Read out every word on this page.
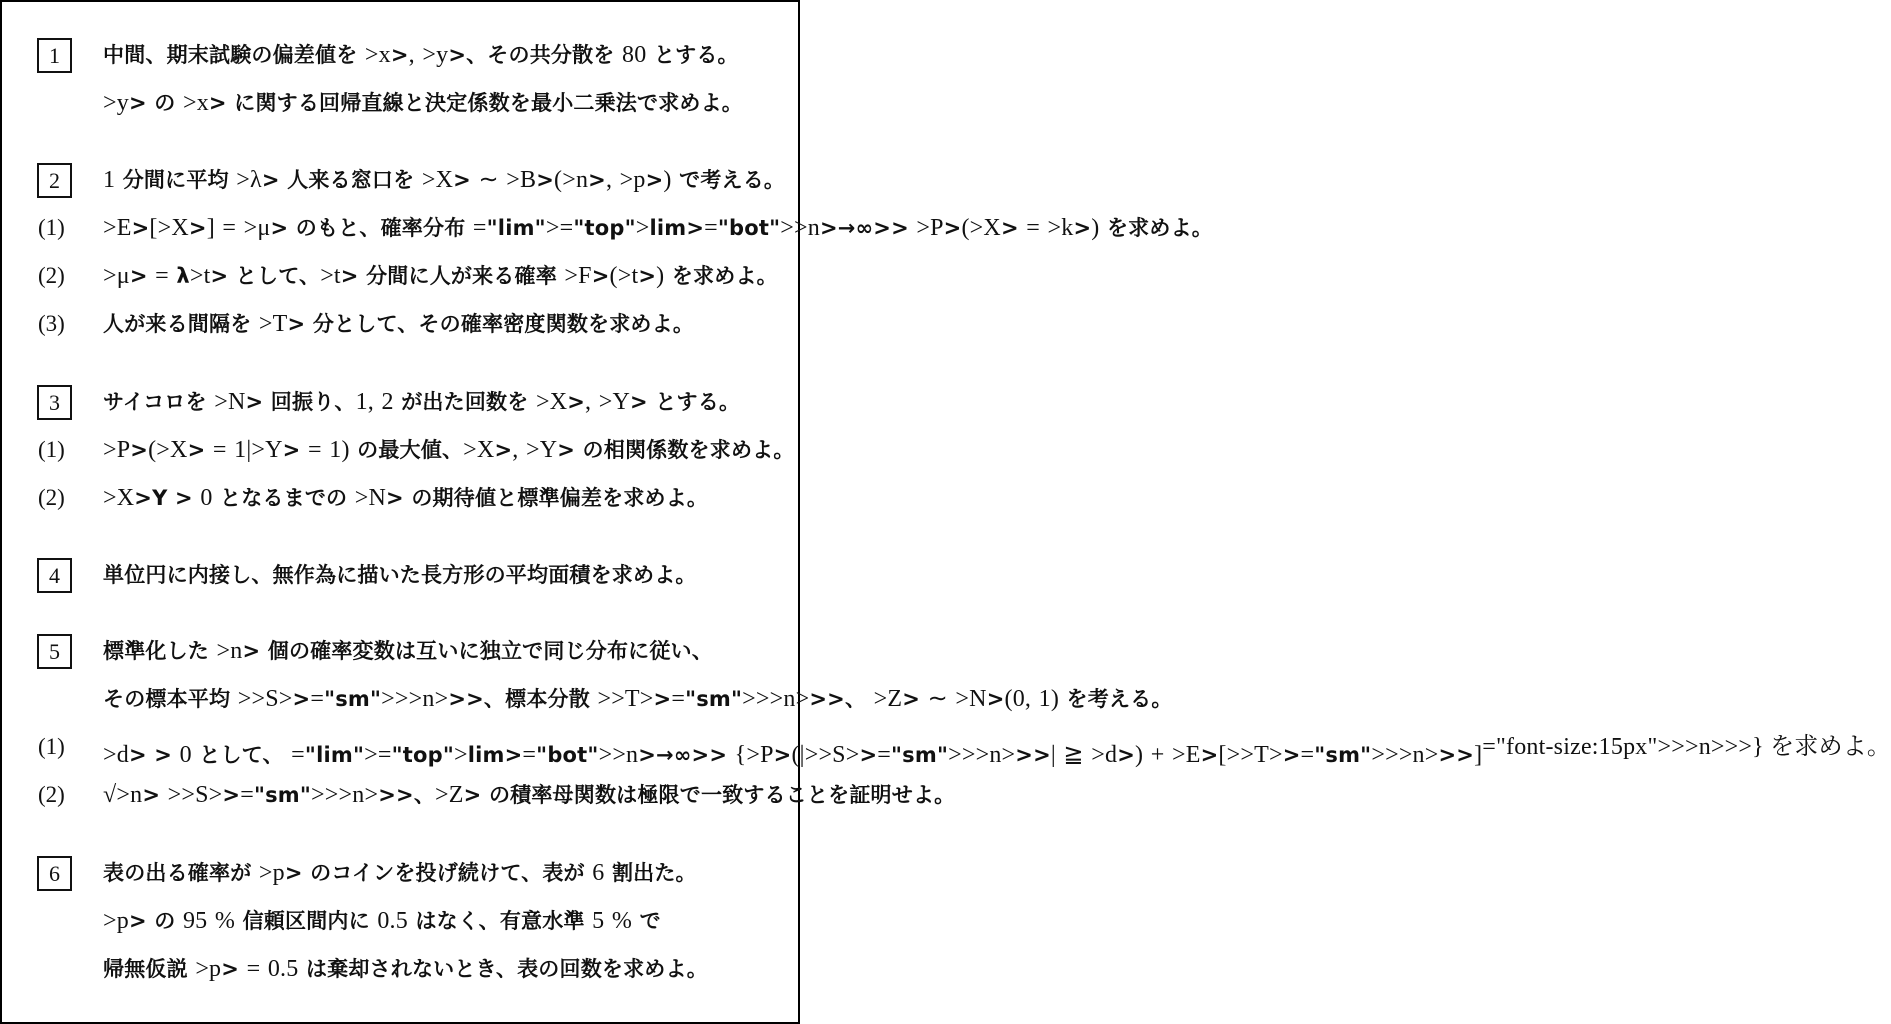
1	中間、期末試験の偏差値を >x>, >y>、その共分散を 80 とする。
>y> の >x> に関する回帰直線と決定係数を最小二乗法で求めよ。
2	1 分間に平均 >λ> 人来る窓口を >X> ∼ >B>(>n>, >p>) で考える。
(1) >E>[>X>] = >μ> のもと、確率分布 ="lim">="top">lim>="bot">>n>→∞>> >P>(>X> = >k>) を求めよ。
(2) >μ> = λ>t> として、>t> 分間に人が来る確率 >F>(>t>) を求めよ。
(3) 人が来る間隔を >T> 分として、その確率密度関数を求めよ。
3	サイコロを >N> 回振り、1, 2 が出た回数を >X>, >Y> とする。
(1) >P>(>X> = 1|>Y> = 1) の最大値、>X>, >Y> の相関係数を求めよ。
(2) >X>Y > 0 となるまでの >N> の期待値と標準偏差を求めよ。
4	単位円に内接し、無作為に描いた長方形の平均面積を求めよ。
5	標準化した >n> 個の確率変数は互いに独立で同じ分布に従い、
その標本平均 >>S>>="sm">>>n>>>、標本分散 >>T>>="sm">>>n>>>、 >Z> ∼ >N>(0, 1) を考える。
(1) >d> > 0 として、 ="lim">="top">lim>="bot">>n>→∞>> {>P>(|>>S>>="sm">>>n>>>| ≧ >d>) + >E>[>>T>>="sm">>>n>>>]$^{="font-size:15px">>>n>>>\} を求めよ。}$
(2) √>n> >>S>>="sm">>>n>>>、>Z> の積率母関数は極限で一致することを証明せよ。
6	表の出る確率が >p> のコインを投げ続けて、表が 6 割出た。
>p> の 95 % 信頼区間内に 0.5 はなく、有意水準 5 % で
帰無仮説 >p> = 0.5 は棄却されないとき、表の回数を求めよ。
